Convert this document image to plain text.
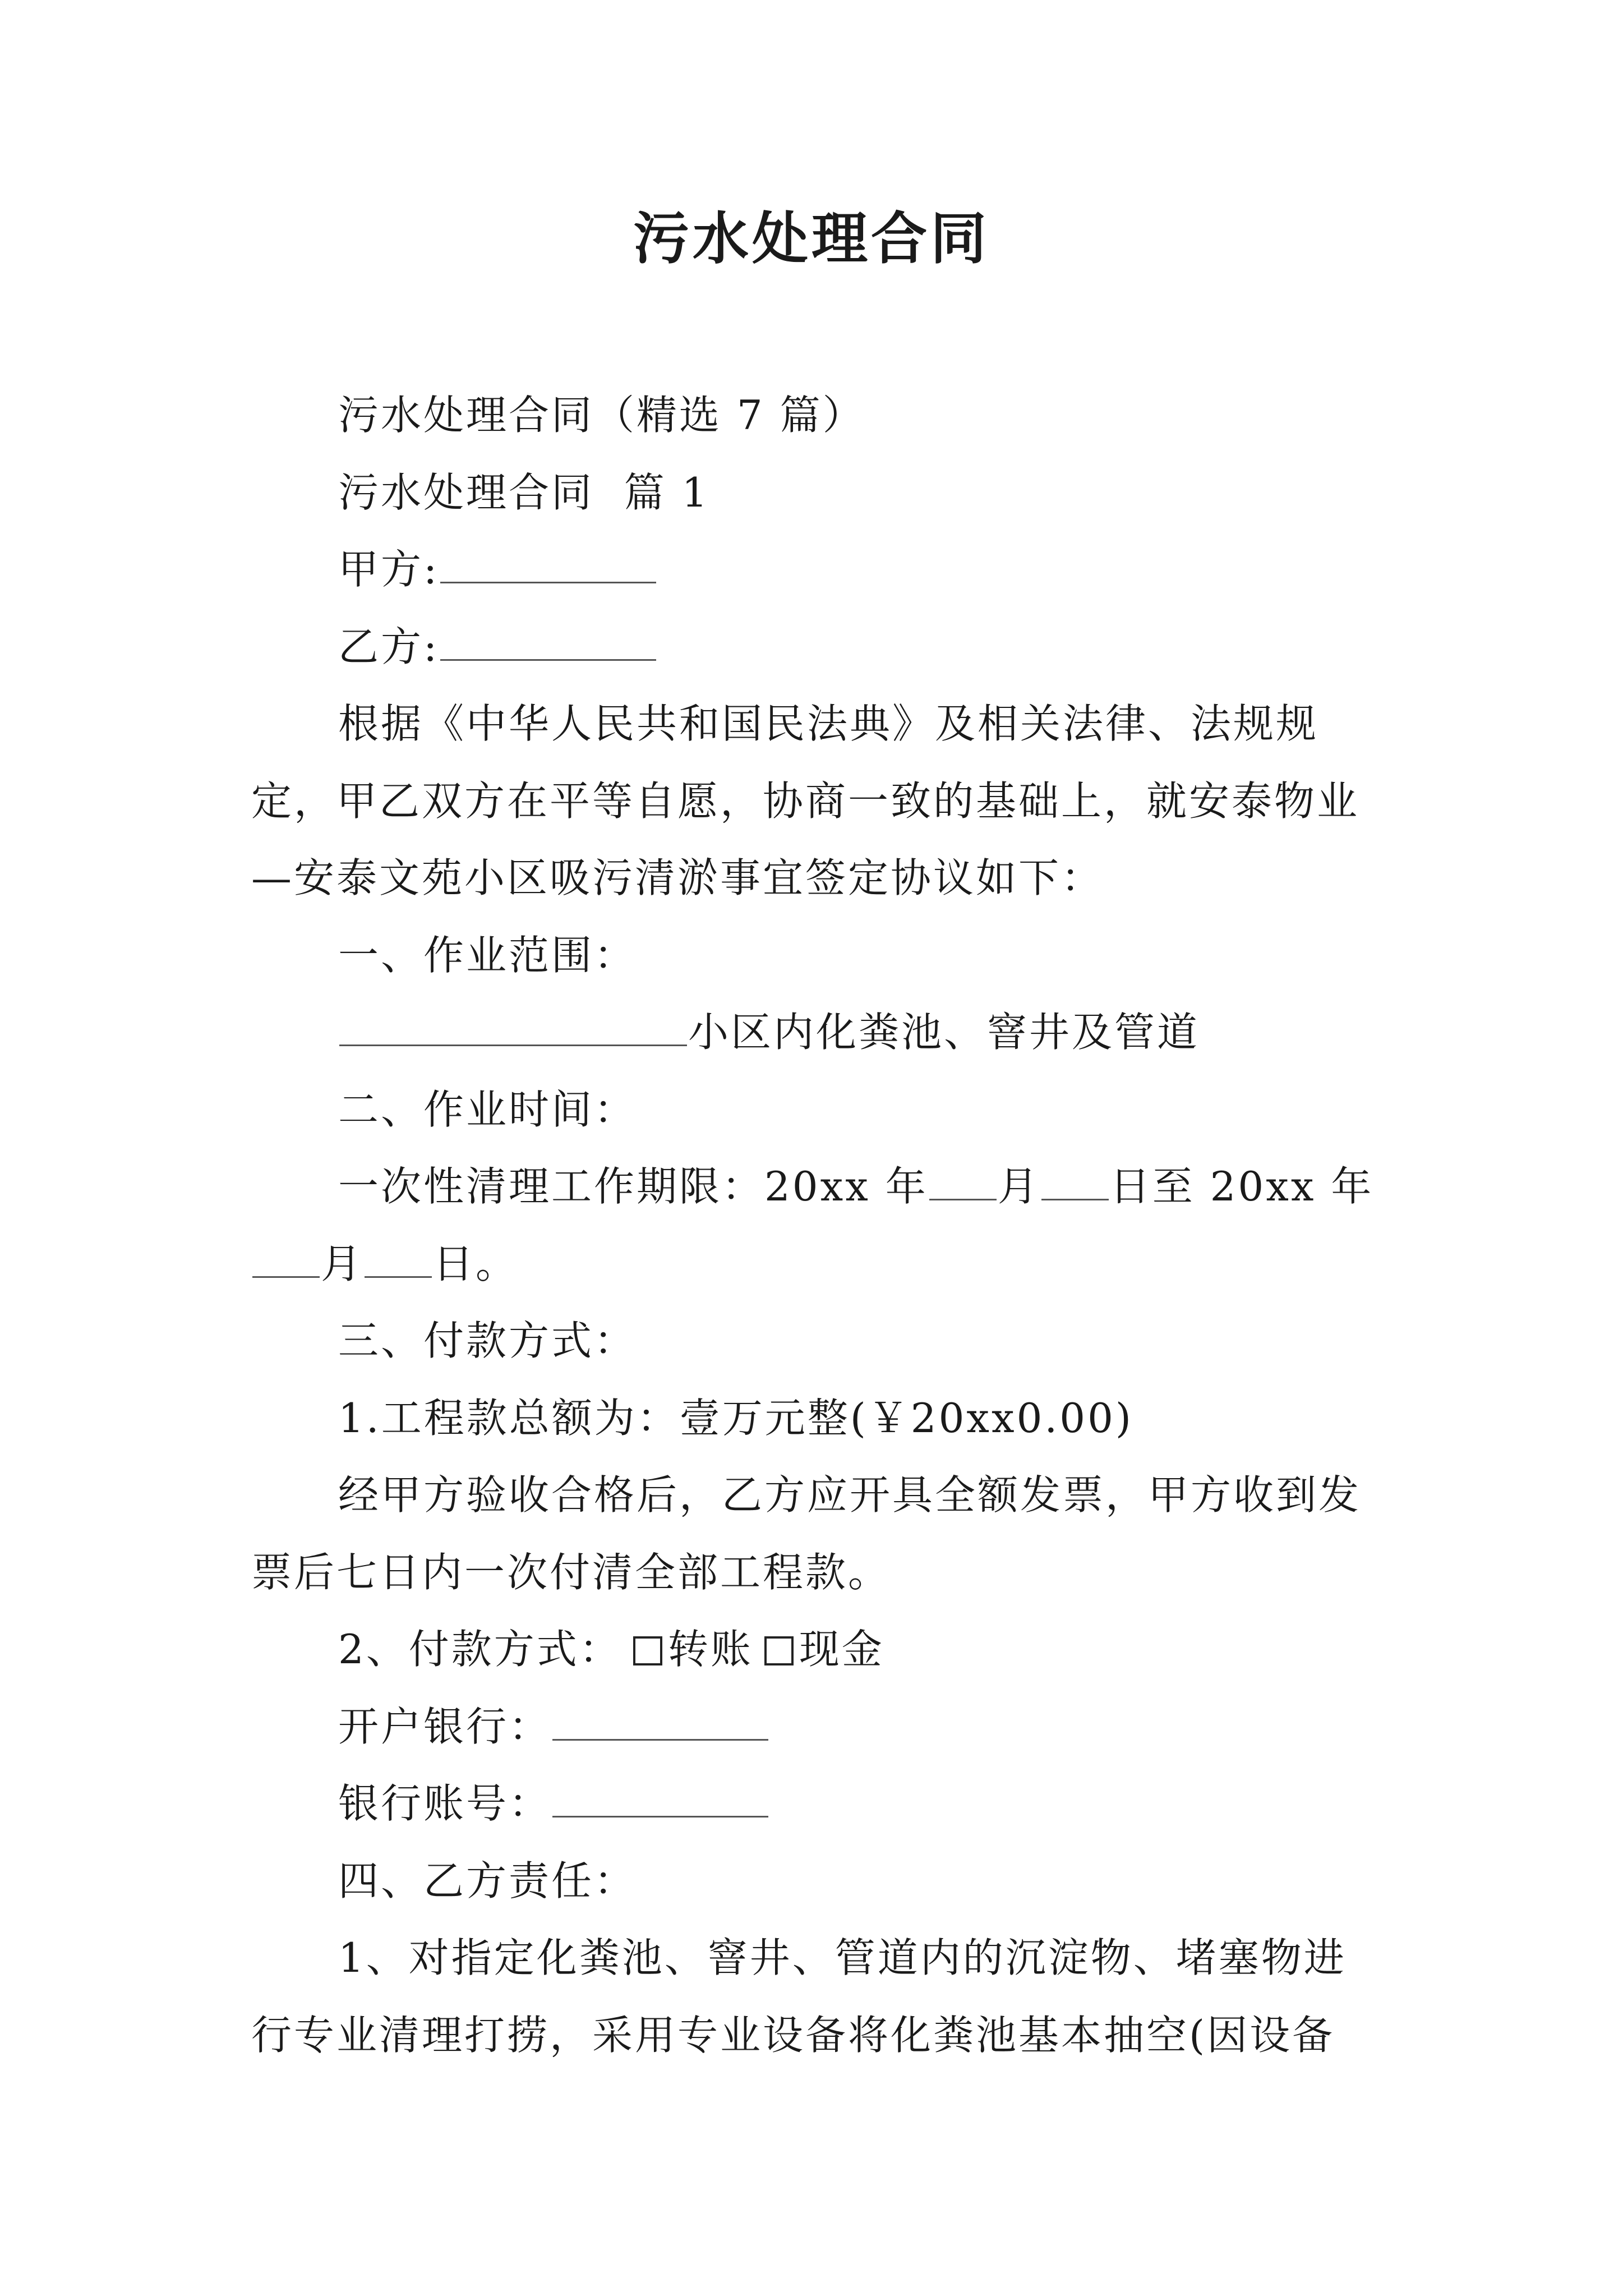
污水处理合同

污水处理合同（精选 7 篇）

污水处理合同  篇 1

甲方:

乙方:

根据《中华人民共和国民法典》及相关法律、法规规定，甲乙双方在平等自愿，协商一致的基础上，就安泰物业—安泰文苑小区吸污清淤事宜签定协议如下：

一、作业范围：

小区内化粪池、窨井及管道

二、作业时间：

一次性清理工作期限：20xx 年 月 日至 20xx 年月 日。

三、付款方式：

1.工程款总额为：壹万元整(￥20xx0.00)

经甲方验收合格后，乙方应开具全额发票，甲方收到发票后七日内一次付清全部工程款。

2、付款方式： 转账 现金

开户银行：

银行账号：

四、乙方责任：

1、对指定化粪池、窨井、管道内的沉淀物、堵塞物进行专业清理打捞，采用专业设备将化粪池基本抽空(因设备
